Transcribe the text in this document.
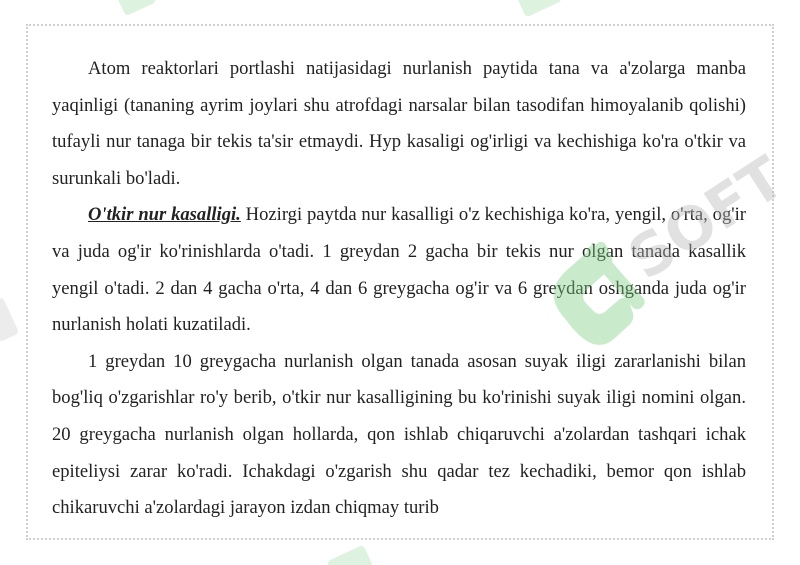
Atom reaktorlari portlashi natijasidagi nurlanish paytida tana va a'zolarga manba yaqinligi (tananing ayrim joylari shu atrofdagi narsalar bilan tasodifan himoyalanib qolishi) tufayli nur tanaga bir tekis ta'sir etmaydi. Hyp kasaligi og'irligi va kechishiga ko'ra o'tkir va surunkali bo'ladi.

O'tkir nur kasalligi. Hozirgi paytda nur kasalligi o'z kechishiga ko'ra, yengil, o'rta, og'ir va juda og'ir ko'rinishlarda o'tadi. 1 greydan 2 gacha bir tekis nur olgan tanada kasallik yengil o'tadi. 2 dan 4 gacha o'rta, 4 dan 6 greygacha og'ir va 6 greydan oshganda juda og'ir nurlanish holati kuzatiladi.

1 greydan 10 greygacha nurlanish olgan tanada asosan suyak iligi zararlanishi bilan bog'liq o'zgarishlar ro'y berib, o'tkir nur kasalligining bu ko'rinishi suyak iligi nomini olgan. 20 greygacha nurlanish olgan hollarda, qon ishlab chiqaruvchi a'zolardan tashqari ichak epiteliysi zarar ko'radi. Ichakdagi o'zgarish shu qadar tez kechadiki, bemor qon ishlab chikaruvchi a'zolardagi jarayon izdan chiqmay turib

SOFT
